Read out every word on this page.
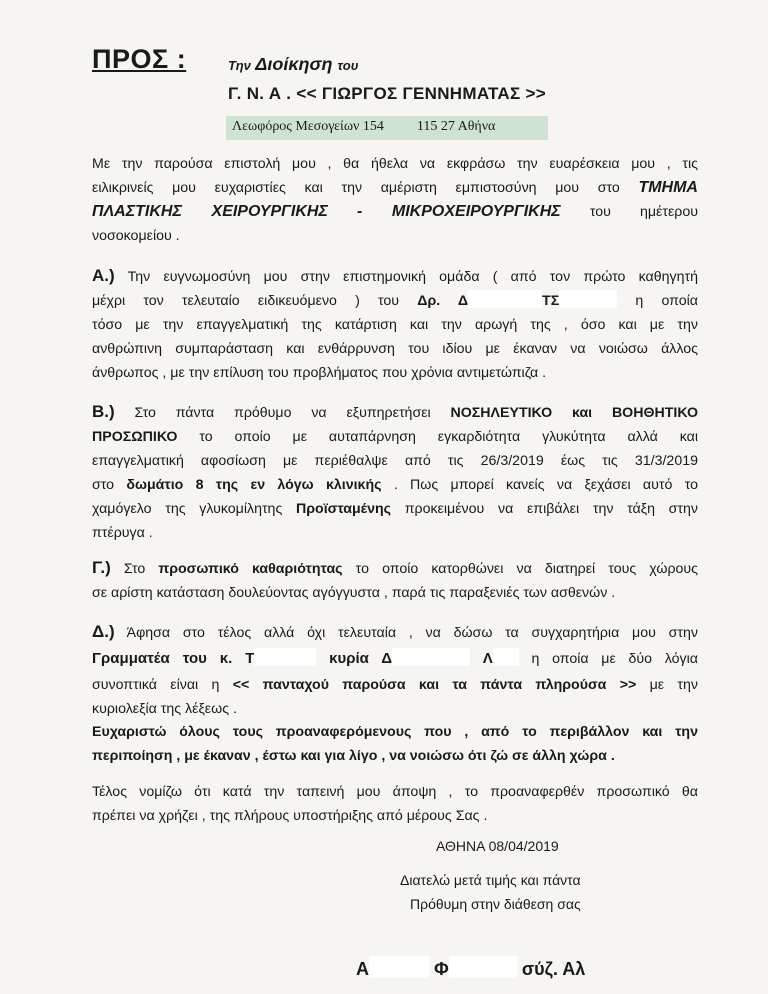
ΠΡΟΣ :	Την Διοίκηση του
Γ. Ν. Α . << ΓΙΩΡΓΟΣ ΓΕΝΝΗΜΑΤΑΣ >>
Λεωφόρος Μεσογείων 154 115 27 Αθήνα
Με την παρούσα επιστολή μου , θα ήθελα να εκφράσω την ευαρέσκεια μου , τις
ειλικρινείς μου ευχαριστίες και την αμέριστη εμπιστοσύνη μου στο ΤΜΗΜΑ
ΠΛΑΣΤΙΚΗΣ ΧΕΙΡΟΥΡΓΙΚΗΣ - ΜΙΚΡΟΧΕΙΡΟΥΡΓΙΚΗΣ του ημέτερου
νοσοκομείου .
Α.) Την ευγνωμοσύνη μου στην επιστημονική ομάδα ( από τον πρώτο καθηγητή
μέχρι τον τελευταίο ειδικευόμενο ) του Δρ. Δ	ΤΣ	η οποία
τόσο με την επαγγελματική της κατάρτιση και την αρωγή της , όσο και με την
ανθρώπινη συμπαράσταση και ενθάρρυνση του ιδίου με έκαναν να νοιώσω άλλος
άνθρωπος , με την επίλυση του προβλήματος που χρόνια αντιμετώπιζα .
Β.) Στο πάντα πρόθυμο να εξυπηρετήσει ΝΟΣΗΛΕΥΤΙΚΟ και ΒΟΗΘΗΤΙΚΟ
ΠΡΟΣΩΠΙΚΟ το οποίο με αυταπάρνηση εγκαρδιότητα γλυκύτητα αλλά και
επαγγελματική αφοσίωση με περιέθαλψε από τις 26/3/2019 έως τις 31/3/2019
στο δωμάτιο 8 της εν λόγω κλινικής . Πως μπορεί κανείς να ξεχάσει αυτό το
χαμόγελο της γλυκομίλητης Προϊσταμένης προκειμένου να επιβάλει την τάξη στην
πτέρυγα .
Γ.) Στο προσωπικό καθαριότητας το οποίο κατορθώνει να διατηρεί τους χώρους
σε αρίστη κατάσταση δουλεύοντας αγόγγυστα , παρά τις παραξενιές των ασθενών .
Δ.) Άφησα στο τέλος αλλά όχι τελευταία , να δώσω τα συγχαρητήρια μου στην
Γραμματέα του κ. Τ	κυρία Δ	Λ	η οποία με δύο λόγια
συνοπτικά είναι η << πανταχού παρούσα και τα πάντα πληρούσα >> με την
κυριολεξία της λέξεως .
Ευχαριστώ όλους τους προαναφερόμενους που , από το περιβάλλον και την
περιποίηση , με έκαναν , έστω και για λίγο , να νοιώσω ότι ζώ σε άλλη χώρα .
Τέλος νομίζω ότι κατά την ταπεινή μου άποψη , το προαναφερθέν προσωπικό θα
πρέπει να χρήζει , της πλήρους υποστήριξης από μέρους Σας .
ΑΘΗΝΑ 08/04/2019
Διατελώ μετά τιμής και πάντα
Πρόθυμη στην διάθεση σας
Α	Φ	σύζ. Αλ
